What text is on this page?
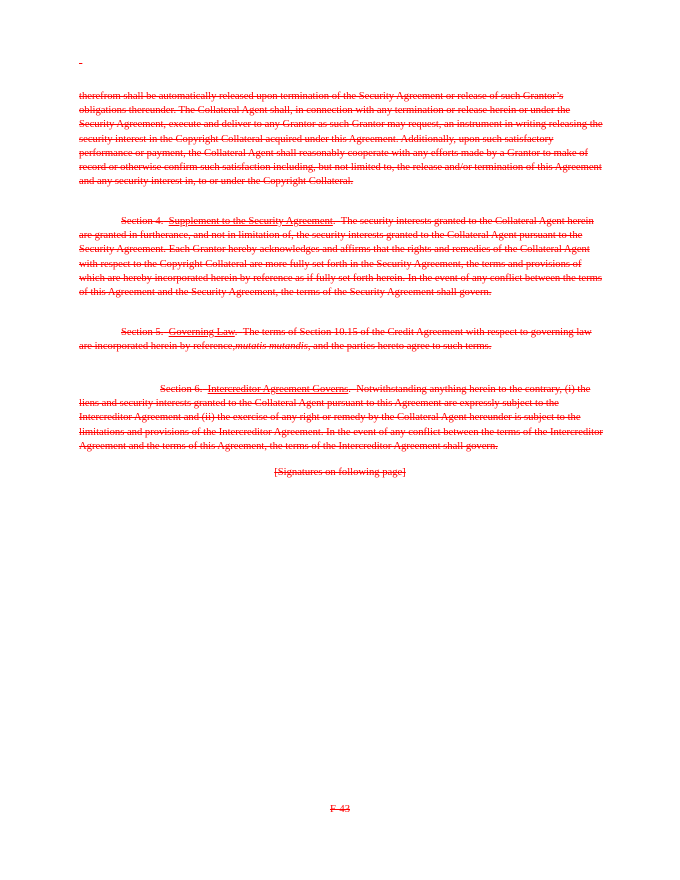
-

therefrom shall be automatically released upon termination of the Security Agreement or release of such Grantor’s obligations thereunder. The Collateral Agent shall, in connection with any termination or release herein or under the Security Agreement, execute and deliver to any Grantor as such Grantor may request, an instrument in writing releasing the security interest in the Copyright Collateral acquired under this Agreement. Additionally, upon such satisfactory performance or payment, the Collateral Agent shall reasonably cooperate with any efforts made by a Grantor to make of record or otherwise confirm such satisfaction including, but not limited to, the release and/or termination of this Agreement and any security interest in, to or under the Copyright Collateral.

Section 4. Supplement to the Security Agreement.  The security interests granted to the Collateral Agent herein are granted in furtherance, and not in limitation of, the security interests granted to the Collateral Agent pursuant to the Security Agreement. Each Grantor hereby acknowledges and affirms that the rights and remedies of the Collateral Agent with respect to the Copyright Collateral are more fully set forth in the Security Agreement, the terms and provisions of which are hereby incorporated herein by reference as if fully set forth herein. In the event of any conflict between the terms of this Agreement and the Security Agreement, the terms of the Security Agreement shall govern.

Section 5. Governing Law.  The terms of Section 10.15 of the Credit Agreement with respect to governing law are incorporated herein by reference,mutatis mutandis, and the parties hereto agree to such terms.

Section 6. Intercreditor Agreement Governs.  Notwithstanding anything herein to the contrary, (i) the liens and security interests granted to the Collateral Agent pursuant to this Agreement are expressly subject to the Intercreditor Agreement and (ii) the exercise of any right or remedy by the Collateral Agent hereunder is subject to the limitations and provisions of the Intercreditor Agreement. In the event of any conflict between the terms of the Intercreditor Agreement and the terms of this Agreement, the terms of the Intercreditor Agreement shall govern.

[Signatures on following page]
F-43
